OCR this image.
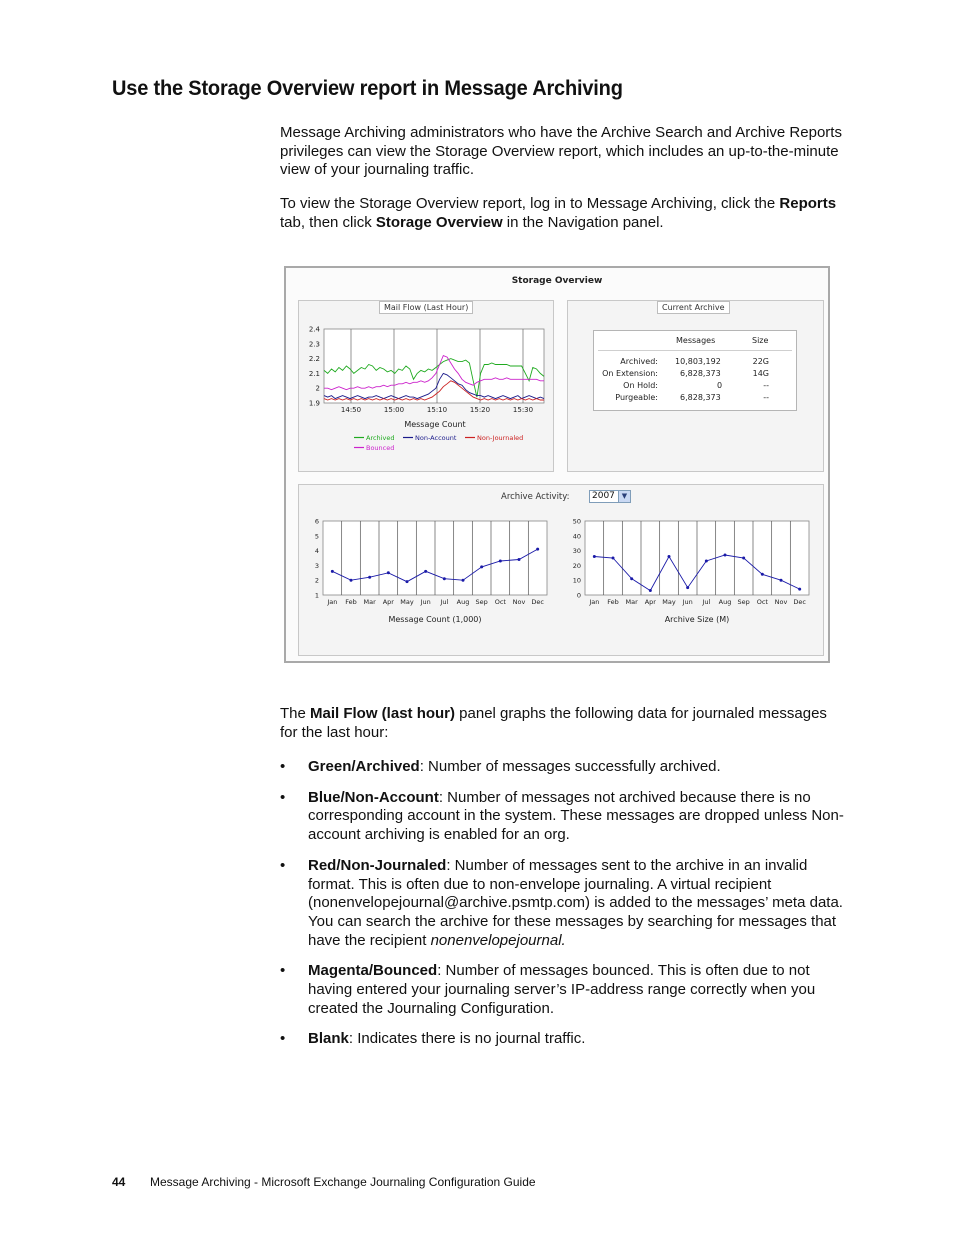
Use the Storage Overview report in Message Archiving

Message Archiving administrators who have the Archive Search and Archive Reports privileges can view the Storage Overview report, which includes an up-to-the-minute view of your journaling traffic.

To view the Storage Overview report, log in to Message Archiving, click the Reports tab, then click Storage Overview in the Navigation panel.

Storage Overview
Mail Flow (Last Hour)
14:50	15:00	15:10	15:20	15:30
1.9
2
2.1
2.2
2.3
2.4
Message Count
Archived	Non-Account	Non-Journaled
Bounced
Current Archive
Messages	Size
Archived: 10,803,192	22G
On Extension:	6,828,373	14G
On Hold:	0	--
Purgeable:	6,828,373	--
Archive Activity: 2007 ▼
Jan Feb Mar Apr May Jun Jul Aug Sep Oct Nov Dec
1
2
3
4
5
6
Message Count (1,000)
Jan Feb Mar Apr May Jun Jul Aug Sep Oct Nov Dec
0
10
20
30
40
50
Archive Size (M)

The Mail Flow (last hour) panel graphs the following data for journaled messages for the last hour:

• Green/Archived: Number of messages successfully archived.
• Blue/Non-Account: Number of messages not archived because there is no corresponding account in the system. These messages are dropped unless Non-account archiving is enabled for an org.
• Red/Non-Journaled: Number of messages sent to the archive in an invalid format. This is often due to non-envelope journaling. A virtual recipient (nonenvelopejournal@archive.psmtp.com) is added to the messages’ meta data. You can search the archive for these messages by searching for messages that have the recipient nonenvelopejournal.
• Magenta/Bounced: Number of messages bounced. This is often due to not having entered your journaling server’s IP-address range correctly when you created the Journaling Configuration.
• Blank: Indicates there is no journal traffic.
44 Message Archiving - Microsoft Exchange Journaling Configuration Guide
